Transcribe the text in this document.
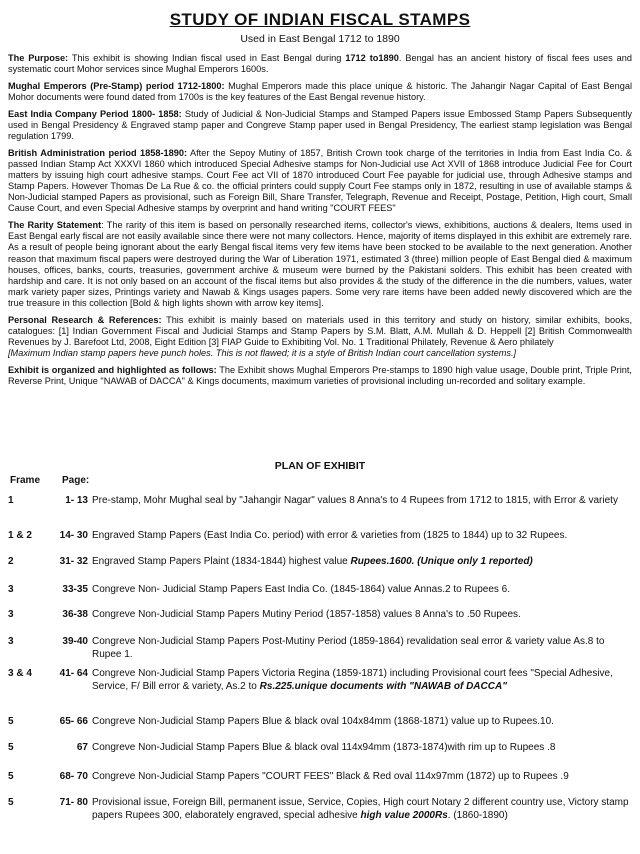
STUDY OF INDIAN FISCAL STAMPS
Used in East Bengal 1712 to 1890

The Purpose: This exhibit is showing Indian fiscal used in East Bengal during 1712 to1890. Bengal has an ancient history of fiscal fees uses and systematic court Mohor services since Mughal Emperors 1600s.

Mughal Emperors (Pre-Stamp) period 1712-1800: Mughal Emperors made this place unique & historic. The Jahangir Nagar Capital of East Bengal Mohor documents were found dated from 1700s is the key features of the East Bengal revenue history.

East India Company Period 1800- 1858: Study of Judicial & Non-Judicial Stamps and Stamped Papers issue Embossed Stamp Papers Subsequently used in Bengal Presidency & Engraved stamp paper and Congreve Stamp paper used in Bengal Presidency, The earliest stamp legislation was Bengal regulation 1799.

British Administration period 1858-1890: After the Sepoy Mutiny of 1857, British Crown took charge of the territories in India from East India Co. & passed Indian Stamp Act XXXVI 1860 which introduced Special Adhesive stamps for Non-Judicial use Act XVII of 1868 introduce Judicial Fee for Court matters by issuing high court adhesive stamps. Court Fee act VII of 1870 introduced Court Fee payable for judicial use, through Adhesive stamps and Stamp Papers. However Thomas De La Rue & co. the official printers could supply Court Fee stamps only in 1872, resulting in use of available stamps & Non-Judicial stamped Papers as provisional, such as Foreign Bill, Share Transfer, Telegraph, Revenue and Receipt, Postage, Petition, High court, Small Cause Court, and even Special Adhesive stamps by overprint and hand writing "COURT FEES"

The Rarity Statement: The rarity of this item is based on personally researched items, collector's views, exhibitions, auctions & dealers, Items used in East Bengal early fiscal are not easily available since there were not many collectors. Hence, majority of items displayed in this exhibit are extremely rare. As a result of people being ignorant about the early Bengal fiscal items very few items have been stocked to be available to the next generation. Another reason that maximum fiscal papers were destroyed during the War of Liberation 1971, estimated 3 (three) million people of East Bengal died & maximum houses, offices, banks, courts, treasuries, government archive & museum were burned by the Pakistani solders. This exhibit has been created with hardship and care. It is not only based on an account of the fiscal items but also provides & the study of the difference in the die numbers, values, water mark variety paper sizes, Printings variety and Nawab & Kings usages papers. Some very rare items have been added newly discovered which are the true treasure in this collection [Bold & high lights shown with arrow key items].

Personal Research & References: This exhibit is mainly based on materials used in this territory and study on history, similar exhibits, books, catalogues: [1] Indian Government Fiscal and Judicial Stamps and Stamp Papers by S.M. Blatt, A.M. Mullah & D. Heppell [2] British Commonwealth Revenues by J. Barefoot Ltd, 2008, Eight Edition [3] FIAP Guide to Exhibiting Vol. No. 1 Traditional Philately, Revenue & Aero philately
[Maximum Indian stamp papers heve punch holes. This is not flawed; it is a style of British Indian court cancellation systems.]

Exhibit is organized and highlighted as follows: The Exhibit shows Mughal Emperors Pre-stamps to 1890 high value usage, Double print, Triple Print, Reverse Print, Unique "NAWAB of DACCA" & Kings documents, maximum varieties of provisional including un-recorded and solitary example.

PLAN OF EXHIBIT
Frame Page:
1	1- 13 Pre-stamp, Mohr Mughal seal by "Jahangir Nagar" values 8 Anna's to 4 Rupees from 1712 to 1815, with Error & variety
1 & 2	14- 30 Engraved Stamp Papers (East India Co. period) with error & varieties from (1825 to 1844) up to 32 Rupees.
2	31- 32 Engraved Stamp Papers Plaint (1834-1844) highest value Rupees.1600. (Unique only 1 reported)
3	33-35 Congreve Non- Judicial Stamp Papers East India Co. (1845-1864) value Annas.2 to Rupees 6.
3	36-38 Congreve Non-Judicial Stamp Papers Mutiny Period (1857-1858) values 8 Anna's to .50 Rupees.
3	39-40 Congreve Non-Judicial Stamp Papers Post-Mutiny Period (1859-1864) revalidation seal error & variety value As.8 to Rupee 1.
3 & 4	41- 64 Congreve Non-Judicial Stamp Papers Victoria Regina (1859-1871) including Provisional court fees "Special Adhesive, Service, F/ Bill error & variety, As.2 to Rs.225.unique documents with "NAWAB of DACCA"
5	65- 66 Congreve Non-Judicial Stamp Papers Blue & black oval 104x84mm (1868-1871) value up to Rupees.10.
5	67 Congreve Non-Judicial Stamp Papers Blue & black oval 114x94mm (1873-1874)with rim up to Rupees .8
5	68- 70 Congreve Non-Judicial Stamp Papers "COURT FEES" Black & Red oval 114x97mm (1872) up to Rupees .9
5	71- 80 Provisional issue, Foreign Bill, permanent issue, Service, Copies, High court Notary 2 different country use, Victory stamp papers Rupees 300, elaborately engraved, special adhesive high value 2000Rs. (1860-1890)
